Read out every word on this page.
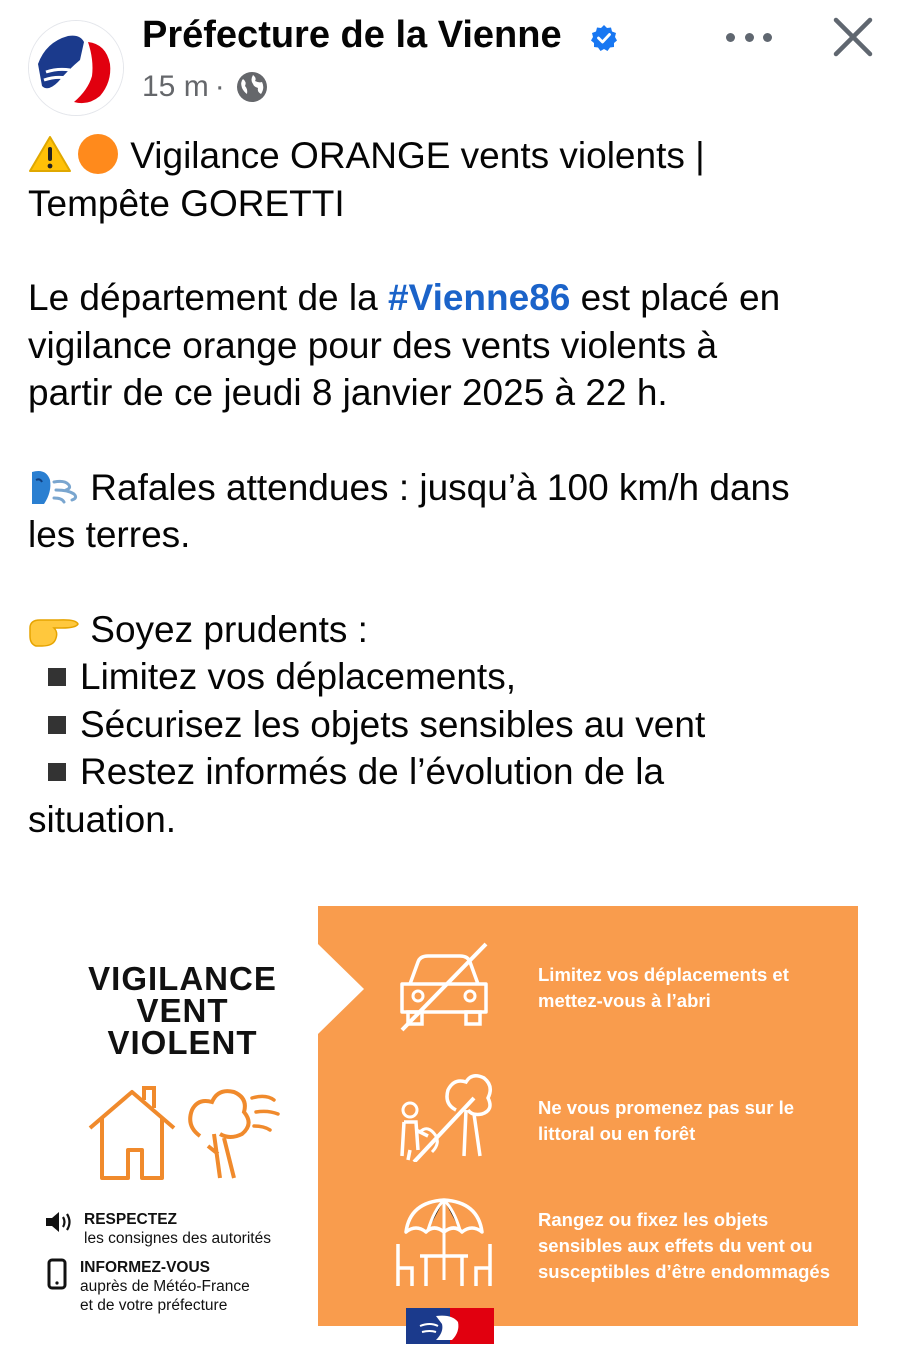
Préfecture de la Vienne
15 m ·

Vigilance ORANGE vents violents |
Tempête GORETTI

Le département de la #Vienne86 est placé en
vigilance orange pour des vents violents à
partir de ce jeudi 8 janvier 2025 à 22 h.

Rafales attendues : jusqu’à 100 km/h dans
les terres.

Soyez prudents :
Limitez vos déplacements,
Sécurisez les objets sensibles au vent
Restez informés de l’évolution de la
situation.

VIGILANCE
VENT
VIOLENT
RESPECTEZ
les consignes des autorités
INFORMEZ-VOUS
auprès de Météo-France
et de votre préfecture
Limitez vos déplacements et
mettez-vous à l’abri
Ne vous promenez pas sur le
littoral ou en forêt
Rangez ou fixez les objets
sensibles aux effets du vent ou
susceptibles d’être endommagés
